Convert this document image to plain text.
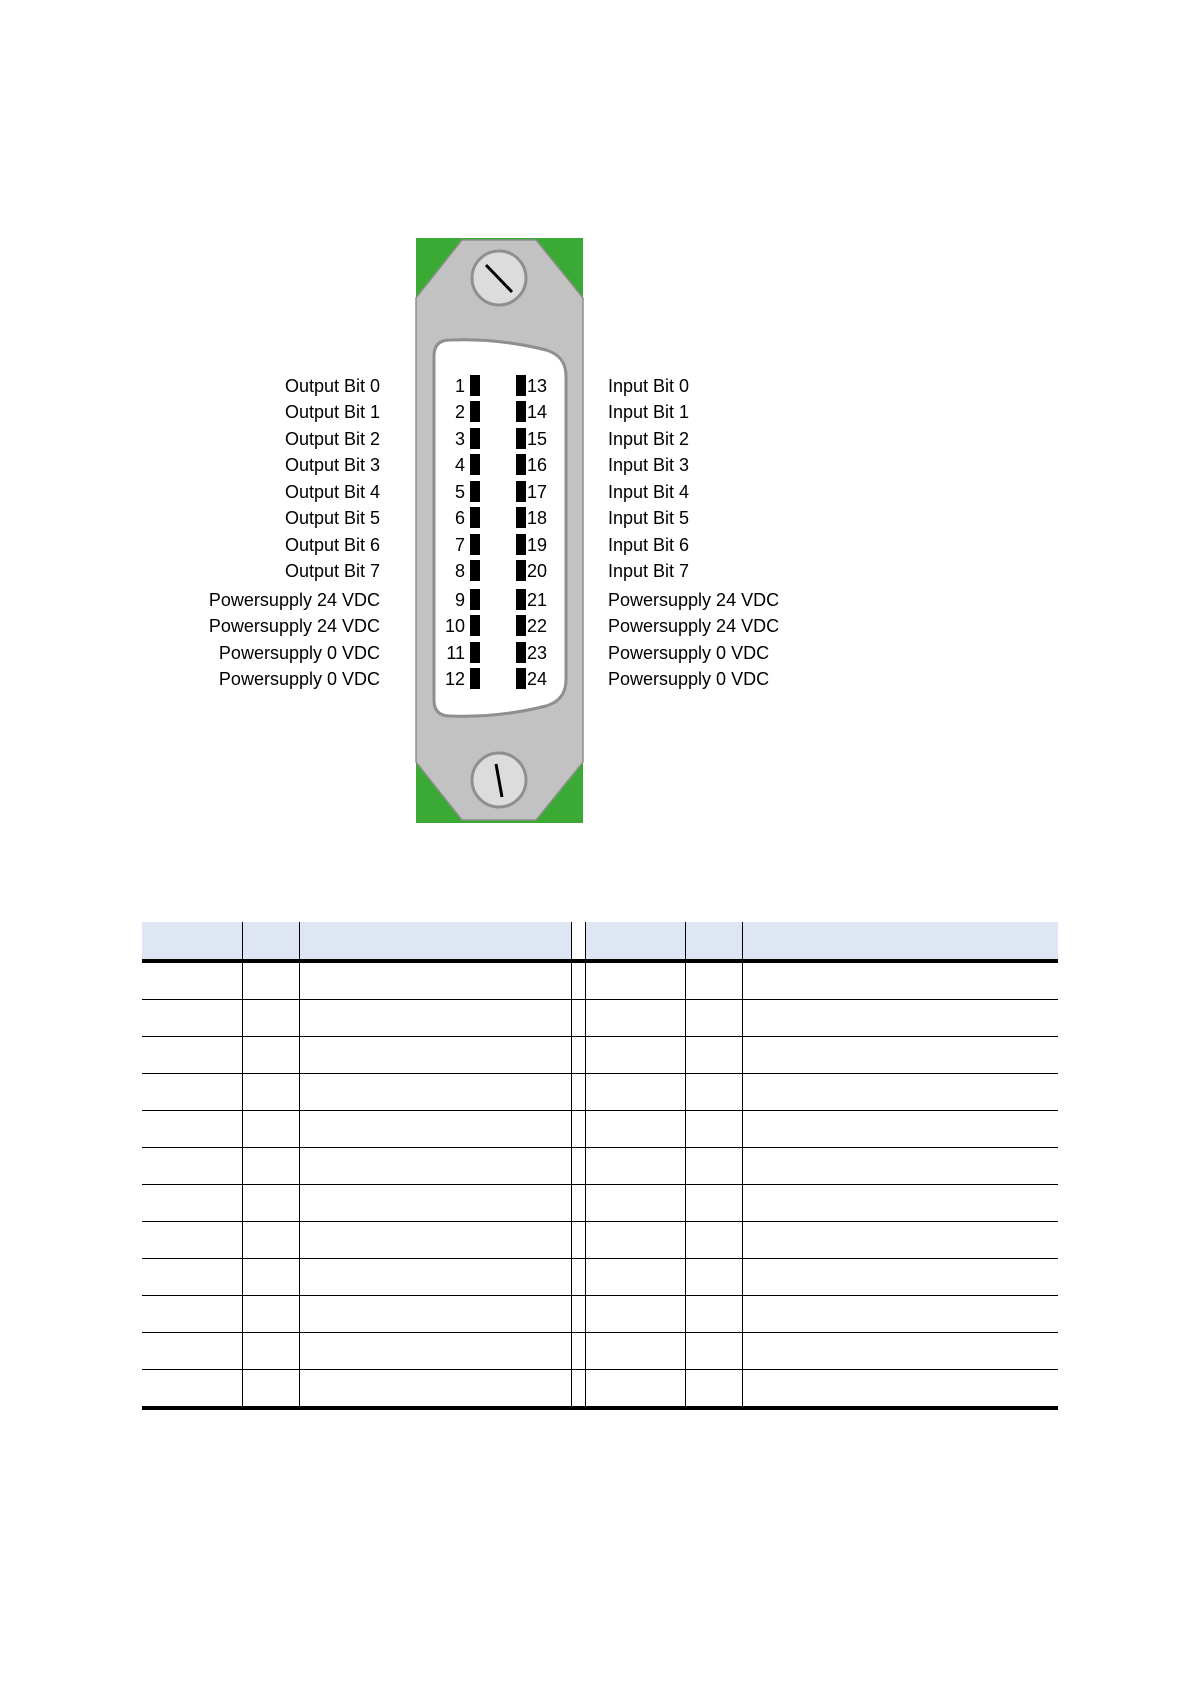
1
2
3
4
5
6
7
8
9
10
11
12
13
14
15
16
17
18
19
20
21
22
23
24
Output Bit 0
Output Bit 1
Output Bit 2
Output Bit 3
Output Bit 4
Output Bit 5
Output Bit 6
Output Bit 7
Powersupply 24 VDC
Powersupply 24 VDC
Powersupply 0 VDC
Powersupply 0 VDC
Input Bit 0
Input Bit 1
Input Bit 2
Input Bit 3
Input Bit 4
Input Bit 5
Input Bit 6
Input Bit 7
Powersupply 24 VDC
Powersupply 24 VDC
Powersupply 0 VDC
Powersupply 0 VDC
